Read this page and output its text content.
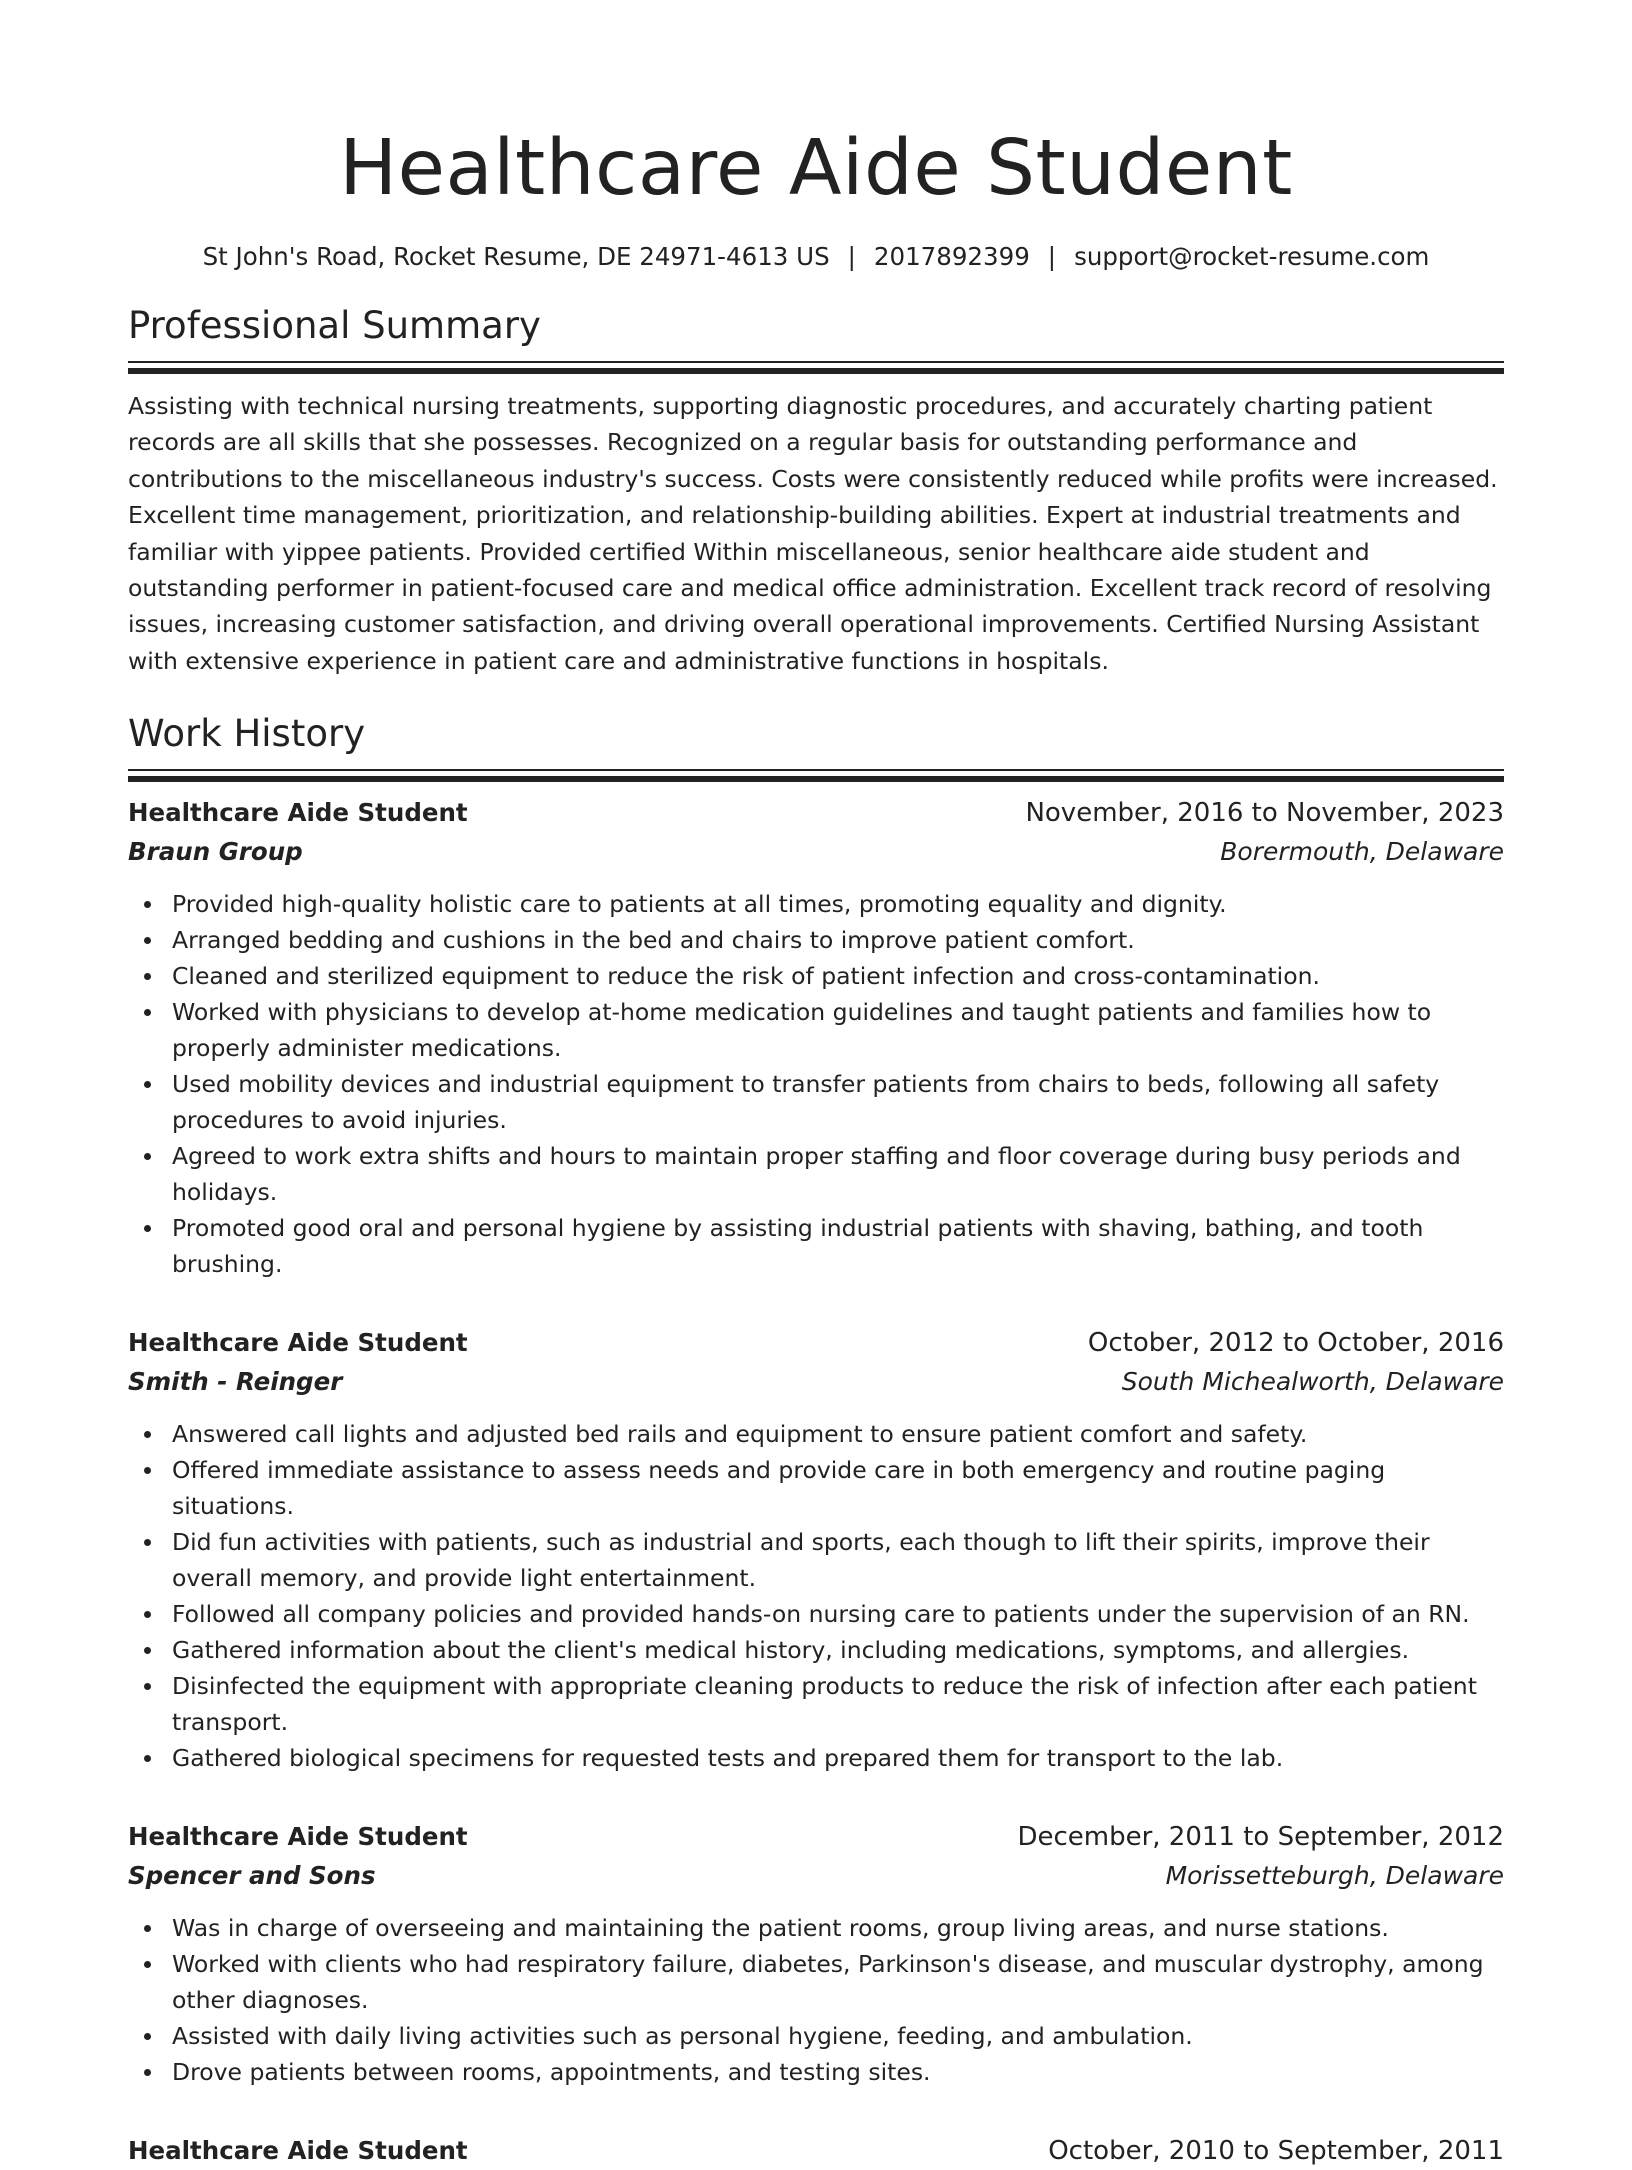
Healthcare Aide Student
St John's Road, Rocket Resume, DE 24971-4613 US | 2017892399 | support@rocket-resume.com
Professional Summary
Assisting with technical nursing treatments, supporting diagnostic procedures, and accurately charting patient records are all skills that she possesses. Recognized on a regular basis for outstanding performance and contributions to the miscellaneous industry's success. Costs were consistently reduced while profits were increased. Excellent time management, prioritization, and relationship-building abilities. Expert at industrial treatments and familiar with yippee patients. Provided certified Within miscellaneous, senior healthcare aide student and outstanding performer in patient-focused care and medical office administration. Excellent track record of resolving issues, increasing customer satisfaction, and driving overall operational improvements. Certified Nursing Assistant with extensive experience in patient care and administrative functions in hospitals.
Work History
Healthcare Aide Student	November, 2016 to November, 2023
Braun Group	Borermouth, Delaware
Provided high-quality holistic care to patients at all times, promoting equality and dignity.
Arranged bedding and cushions in the bed and chairs to improve patient comfort.
Cleaned and sterilized equipment to reduce the risk of patient infection and cross-contamination.
Worked with physicians to develop at-home medication guidelines and taught patients and families how to properly administer medications.
Used mobility devices and industrial equipment to transfer patients from chairs to beds, following all safety procedures to avoid injuries.
Agreed to work extra shifts and hours to maintain proper staffing and floor coverage during busy periods and holidays.
Promoted good oral and personal hygiene by assisting industrial patients with shaving, bathing, and tooth brushing.
Healthcare Aide Student	October, 2012 to October, 2016
Smith - Reinger	South Michealworth, Delaware
Answered call lights and adjusted bed rails and equipment to ensure patient comfort and safety.
Offered immediate assistance to assess needs and provide care in both emergency and routine paging situations.
Did fun activities with patients, such as industrial and sports, each though to lift their spirits, improve their overall memory, and provide light entertainment.
Followed all company policies and provided hands-on nursing care to patients under the supervision of an RN.
Gathered information about the client's medical history, including medications, symptoms, and allergies.
Disinfected the equipment with appropriate cleaning products to reduce the risk of infection after each patient transport.
Gathered biological specimens for requested tests and prepared them for transport to the lab.
Healthcare Aide Student	December, 2011 to September, 2012
Spencer and Sons	Morissetteburgh, Delaware
Was in charge of overseeing and maintaining the patient rooms, group living areas, and nurse stations.
Worked with clients who had respiratory failure, diabetes, Parkinson's disease, and muscular dystrophy, among other diagnoses.
Assisted with daily living activities such as personal hygiene, feeding, and ambulation.
Drove patients between rooms, appointments, and testing sites.
Healthcare Aide Student	October, 2010 to September, 2011
